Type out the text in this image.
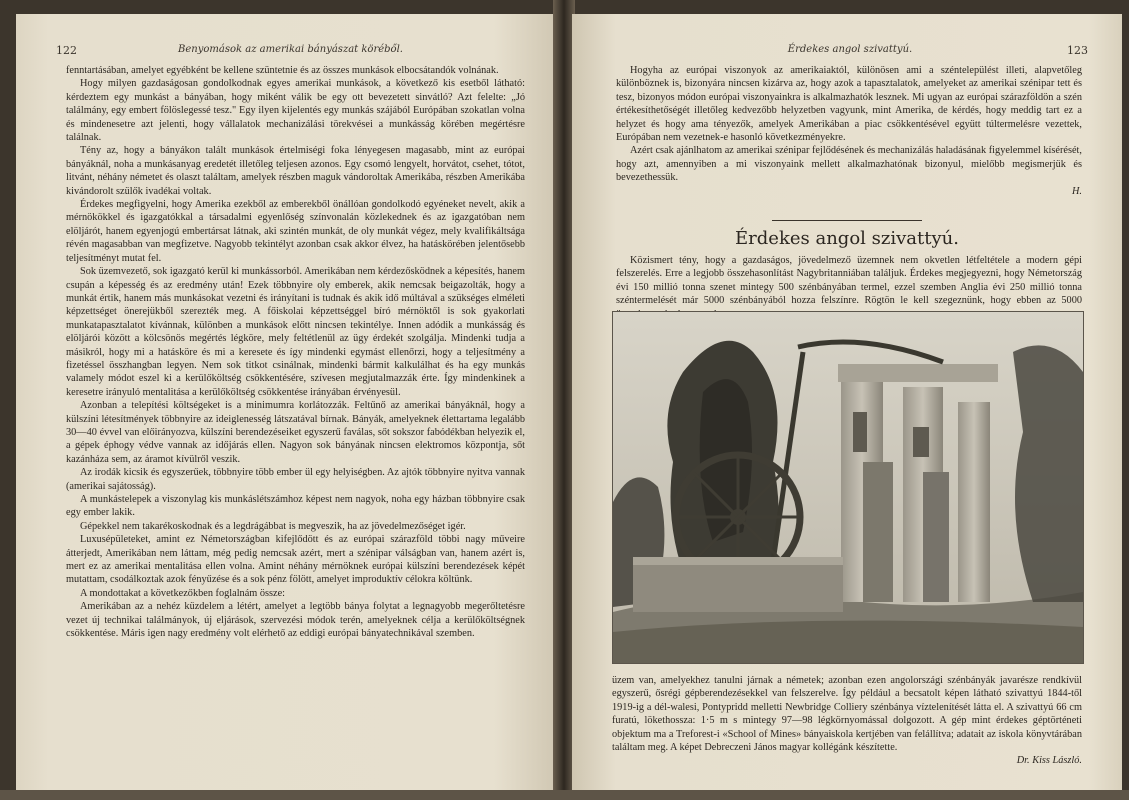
122	Benyomások az amerikai bányászat köréből.

fenntartásában, amelyet egyébként be kellene szüntetnie és az összes munkások elbocsátandók volnának.

Hogy milyen gazdaságosan gondolkodnak egyes amerikai munkások, a következő kis esetből látható: kérdeztem egy munkást a bányában, hogy miként válik be egy ott bevezetett sinvátló? Azt felelte: „Jó találmány, egy embert fölöslegessé tesz." Egy ilyen kijelentés egy munkás szájából Európában szokatlan volna és mindenesetre azt jelenti, hogy vállalatok mechanizálási törekvései a munkásság körében megértésre találnak.

Tény az, hogy a bányákon talált munkások értelmiségi foka lényegesen magasabb, mint az európai bányáknál, noha a munkásanyag eredetét illetőleg teljesen azonos. Egy csomó lengyelt, horvátot, csehet, tótot, litvánt, néhány németet és olaszt találtam, amelyek részben maguk vándoroltak Amerikába, részben Amerikába kivándorolt szülők ivadékai voltak.

Érdekes megfigyelni, hogy Amerika ezekből az emberekből önállóan gondolkodó egyéneket nevelt, akik a mérnökökkel és igazgatókkal a társadalmi egyenlőség színvonalán közlekednek és az igazgatóban nem elöljárót, hanem egyenjogú embertársat látnak, aki szintén munkát, de oly munkát végez, mely kvalifikáltsága révén magasabban van megfizetve. Nagyobb tekintélyt azonban csak akkor élvez, ha hatáskörében jelentősebb teljesítményt mutat fel.

Sok üzemvezető, sok igazgató kerül ki munkássorból. Amerikában nem kérdezősködnek a képesítés, hanem csupán a képesség és az eredmény után! Ezek többnyire oly emberek, akik nemcsak beigazolták, hogy a munkát értik, hanem más munkásokat vezetni és irányítani is tudnak és akik idő múltával a szükséges elméleti képzettséget önerejükből szerezték meg. A főiskolai képzettséggel bíró mérnöktől is sok gyakorlati munkatapasztalatot kívánnak, különben a munkások előtt nincsen tekintélye. Innen adódik a munkásság és elöljárói között a kölcsönös megértés légköre, mely feltétlenül az ügy érdekét szolgálja. Mindenki tudja a másikról, hogy mi a hatásköre és mi a keresete és így mindenki egymást ellenőrzi, hogy a teljesítmény a fizetéssel összhangban legyen. Nem sok titkot csinálnak, mindenki bármit kalkulálhat és ha egy munkás valamely módot eszel ki a kerülőköltség csökkentésére, szívesen megjutalmazzák érte. Így mindenkinek a keresetre irányuló mentalitása a kerülőköltség csökkentése irányában érvényesül.

Azonban a telepítési költségeket is a minimumra korlátozzák. Feltűnő az amerikai bányáknál, hogy a külszíni létesítmények többnyire az ideiglenesség látszatával bírnak. Bányák, amelyeknek élettartama legalább 30—40 évvel van előirányozva, külszíni berendezéseiket egyszerű faválas, sőt sokszor fabódékban helyezik el, a gépek éphogy védve vannak az időjárás ellen. Nagyon sok bányának nincsen elektromos központja, sőt kazánháza sem, az áramot kívülről veszik.

Az irodák kicsik és egyszerűek, többnyire több ember ül egy helyiségben. Az ajtók többnyire nyitva vannak (amerikai sajátosság).

A munkástelepek a viszonylag kis munkáslétszámhoz képest nem nagyok, noha egy házban többnyire csak egy ember lakik.

Gépekkel nem takarékoskodnak és a legdrágábbat is megveszik, ha az jövedelmezőséget igér.

Luxusépületeket, amint ez Németországban kifejlődött és az európai szárazföld többi nagy műveire átterjedt, Amerikában nem láttam, még pedig nemcsak azért, mert a szénipar válságban van, hanem azért is, mert ez az amerikai mentalitása ellen volna. Amint néhány mérnöknek európai külszíni berendezések képét mutattam, csodálkoztak azok fényűzése és a sok pénz fölött, amelyet improduktív célokra költünk.

A mondottakat a következőkben foglalnám össze:

Amerikában az a nehéz küzdelem a létért, amelyet a legtöbb bánya folytat a legnagyobb megerőltetésre vezet új technikai találmányok, új eljárások, szervezési módok terén, amelyeknek célja a kerülőköltségnek csökkentése. Máris igen nagy eredmény volt elérhető az eddigi európai bányatechnikával szemben.

Érdekes angol szivattyú.	123

Hogyha az európai viszonyok az amerikaiaktól, különösen ami a széntelepülést illeti, alapvetőleg különböznek is, bizonyára nincsen kizárva az, hogy azok a tapasztalatok, amelyeket az amerikai szénipar tett és tesz, bizonyos módon európai viszonyainkra is alkalmazhatók lesznek. Mi ugyan az európai szárazföldön a szén értékesíthetőségét illetőleg kedvezőbb helyzetben vagyunk, mint Amerika, de kérdés, hogy meddig tart ez a helyzet és hogy ama tényezők, amelyek Amerikában a piac csökkentésével együtt túltermelésre vezettek, Európában nem vezetnek-e hasonló következményekre.

Azért csak ajánlhatom az amerikai szénipar fejlődésének és mechanizálás haladásának figyelemmel kísérését, hogy azt, amennyiben a mi viszonyaink mellett alkalmazhatónak bizonyul, mielőbb megismerjük és bevezethessük.

H.
Érdekes angol szivattyú.

Közismert tény, hogy a gazdaságos, jövedelmező üzemnek nem okvetlen létfeltétele a modern gépi felszerelés. Erre a legjobb összehasonlítást Nagybritanniában találjuk. Érdekes megjegyezni, hogy Németország évi 150 millió tonna szenet mintegy 500 szénbányában termel, ezzel szemben Anglia évi 250 millió tonna széntermelését már 5000 szénbányából hozza felszínre. Rögtön le kell szegeznünk, hogy ebben az 5000

üzem van, amelyekhez tanulni járnak a németek; azonban ezen angolországi szénbányák javarésze rendkívül egyszerű, ősrégi gépberendezésekkel van felszerelve. Így például a becsatolt képen látható szivattyú 1844-től 1919-ig a dél-walesi, Pontypridd melletti Newbridge Colliery szénbánya víztelenítését látta el. A szivattyú 66 cm furatú, lökethossza: 1·5 m s mintegy 97—98 légkörnyomással dolgozott. A gép mint érdekes géptörténeti objektum ma a Treforest-i «School of Mines» bányaiskola kertjében van felállítva; adatait az iskola könyvtárában találtam meg. A képet Debreczeni János magyar kollégánk készítette.

Dr. Kiss László.
